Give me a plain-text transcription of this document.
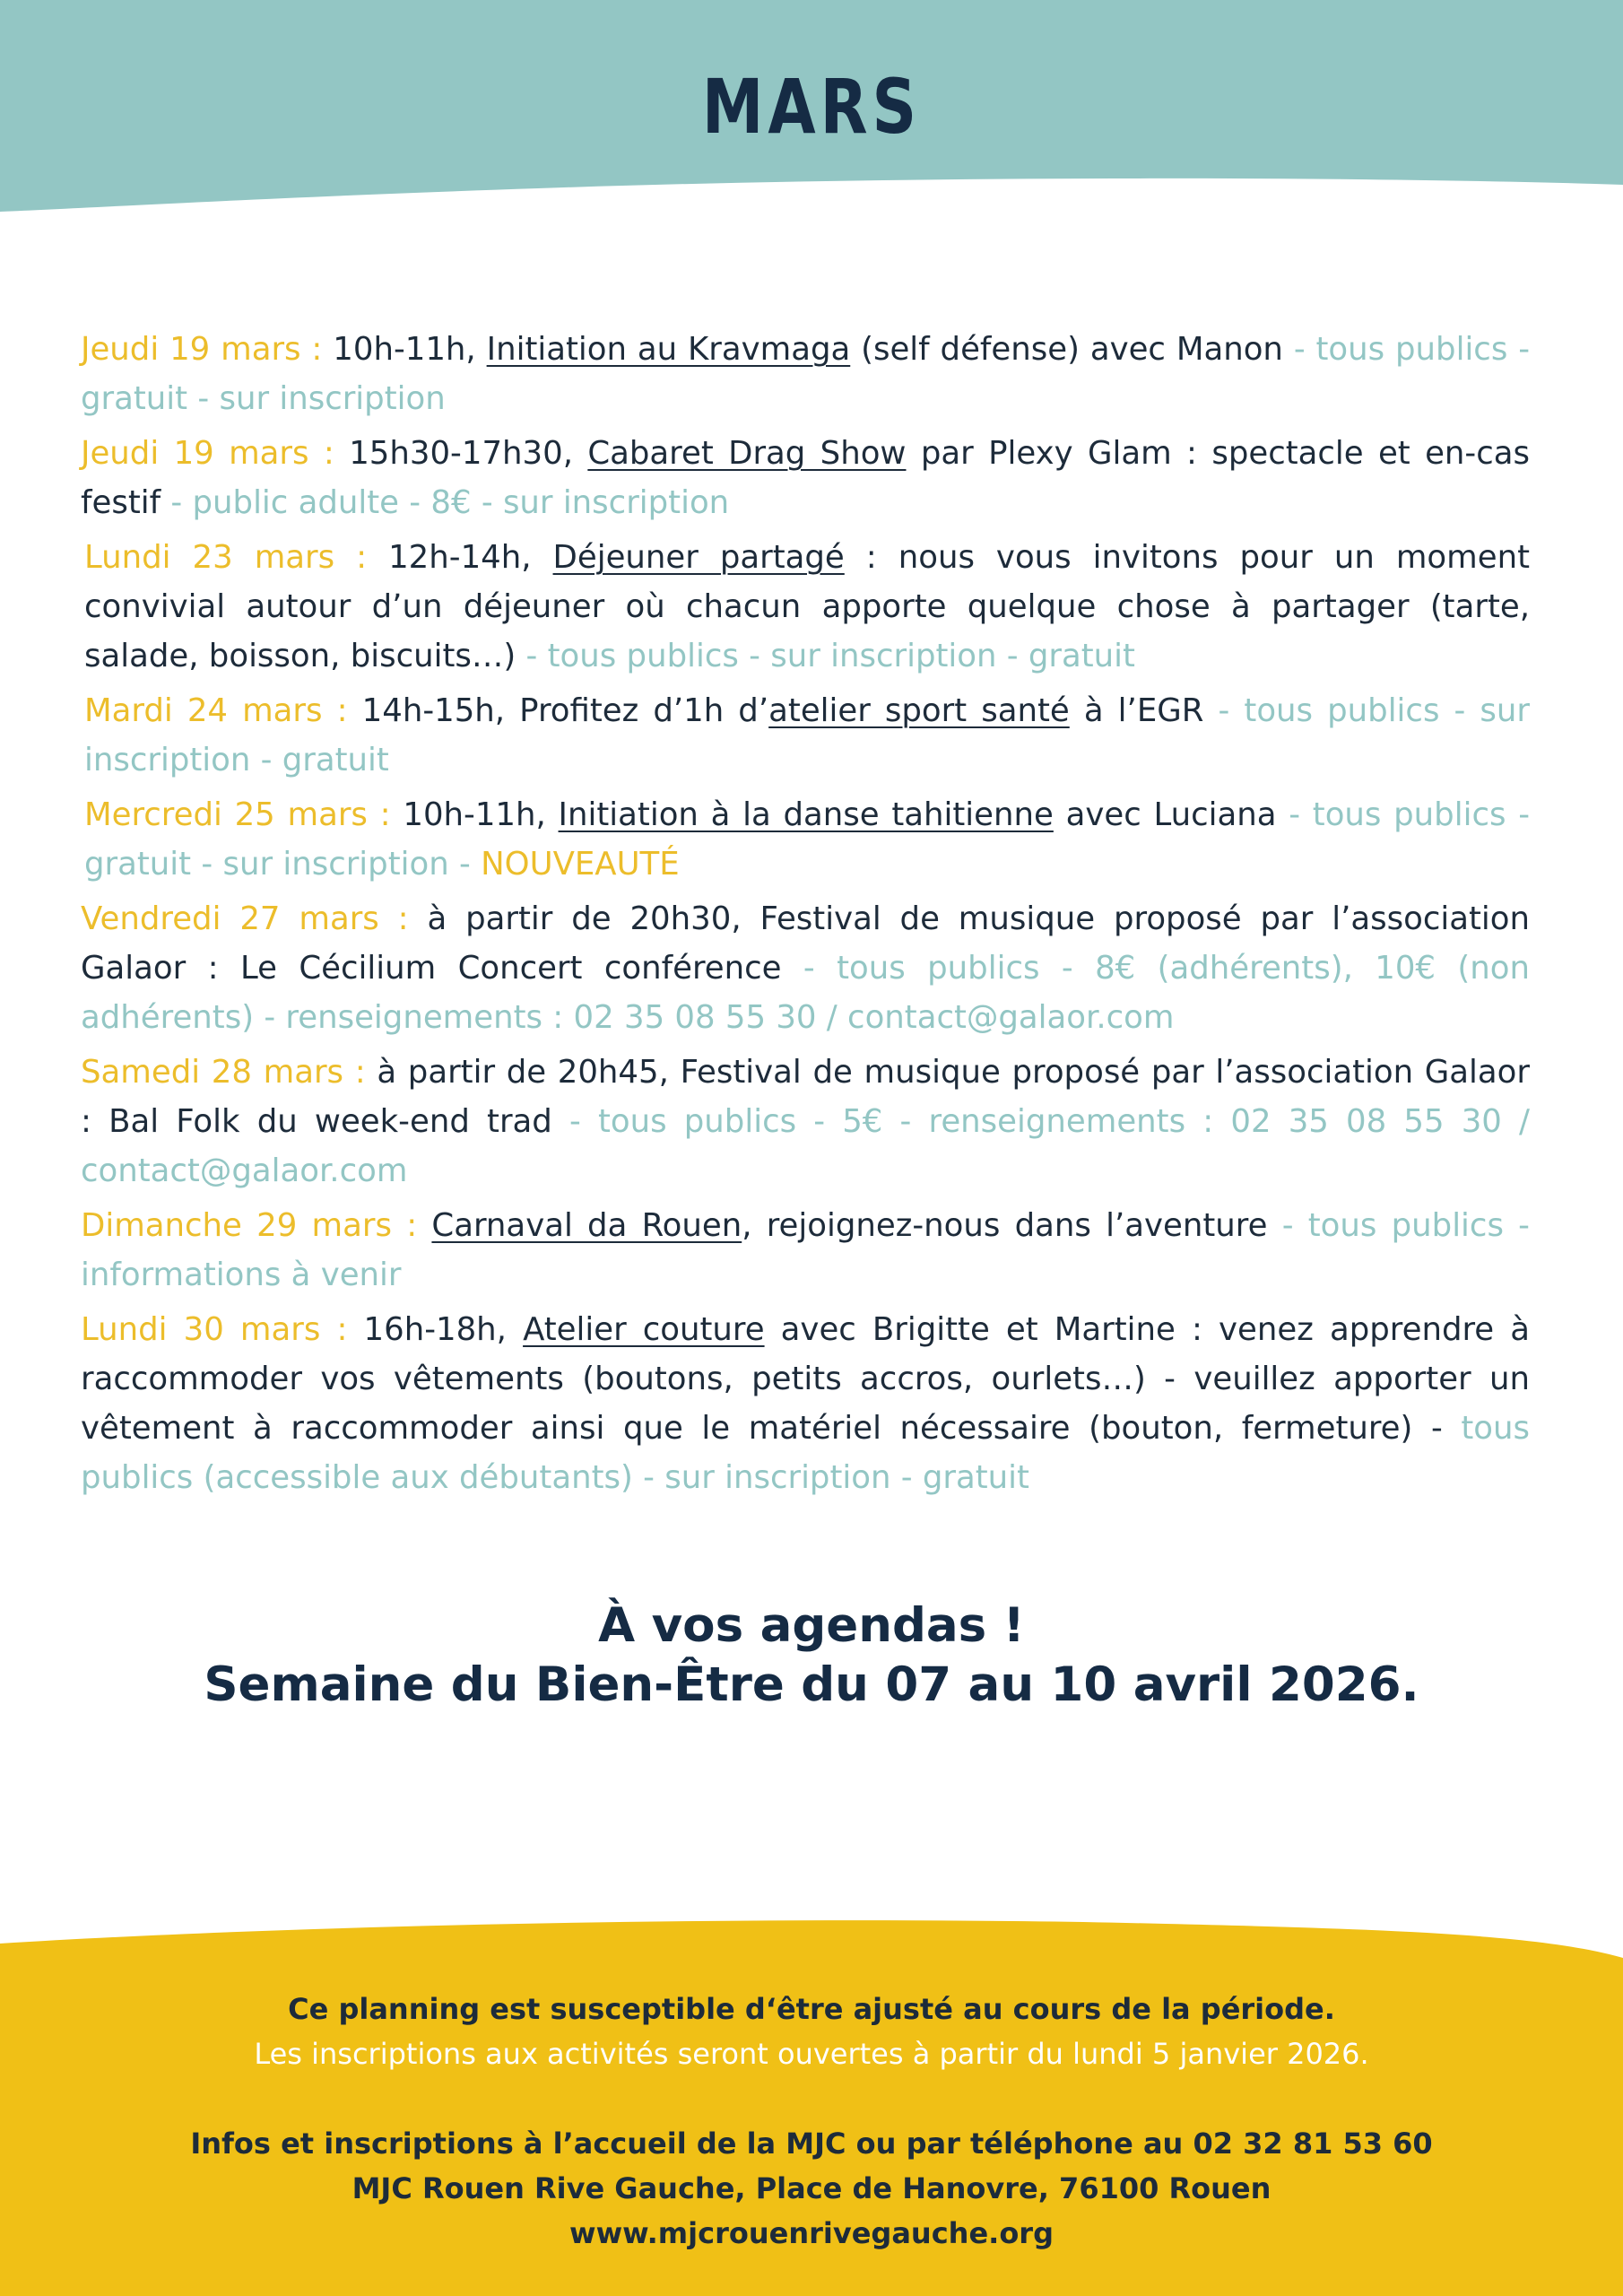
MARS

Jeudi 19 mars : 10h-11h, Initiation au Kravmaga (self défense) avec Manon - tous publics - gratuit - sur inscription

Jeudi 19 mars : 15h30-17h30, Cabaret Drag Show par Plexy Glam : spectacle et en-cas festif - public adulte - 8€ - sur inscription

Lundi 23 mars : 12h-14h, Déjeuner partagé : nous vous invitons pour un moment convivial autour d’un déjeuner où chacun apporte quelque chose à partager (tarte, salade, boisson, biscuits…) - tous publics - sur inscription - gratuit

Mardi 24 mars : 14h-15h, Profitez d’1h d’atelier sport santé à l’EGR - tous publics - sur inscription - gratuit

Mercredi 25 mars : 10h-11h, Initiation à la danse tahitienne avec Luciana - tous publics - gratuit - sur inscription - NOUVEAUTÉ

Vendredi 27 mars : à partir de 20h30, Festival de musique proposé par l’association Galaor : Le Cécilium Concert conférence - tous publics - 8€ (adhérents), 10€ (non adhérents) - renseignements : 02 35 08 55 30 / contact@galaor.com

Samedi 28 mars : à partir de 20h45, Festival de musique proposé par l’association Galaor : Bal Folk du week-end trad - tous publics - 5€ - renseignements : 02 35 08 55 30 / contact@galaor.com

Dimanche 29 mars : Carnaval da Rouen, rejoignez-nous dans l’aventure - tous publics - informations à venir

Lundi 30 mars : 16h-18h, Atelier couture avec Brigitte et Martine : venez apprendre à raccommoder vos vêtements (boutons, petits accros, ourlets…) - veuillez apporter un vêtement à raccommoder ainsi que le matériel nécessaire (bouton, fermeture) - tous publics (accessible aux débutants) - sur inscription - gratuit

À vos agendas !
Semaine du Bien-Être du 07 au 10 avril 2026.
Ce planning est susceptible d‘être ajusté au cours de la période.
Les inscriptions aux activités seront ouvertes à partir du lundi 5 janvier 2026.
Infos et inscriptions à l’accueil de la MJC ou par téléphone au 02 32 81 53 60
MJC Rouen Rive Gauche, Place de Hanovre, 76100 Rouen
www.mjcrouenrivegauche.org
